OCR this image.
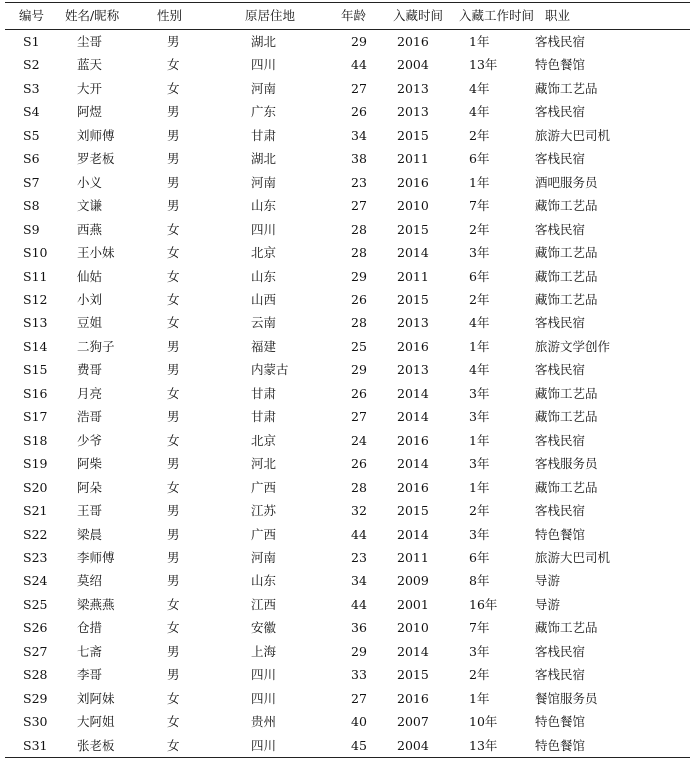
编号	姓名/昵称	性别	原居住地	年龄	入藏时间	入藏工作时间	职业
S1	尘哥	男	湖北	29	2016	1年	客栈民宿
S2	蓝天	女	四川	44	2004	13年	特色餐馆
S3	大开	女	河南	27	2013	4年	藏饰工艺品
S4	阿煜	男	广东	26	2013	4年	客栈民宿
S5	刘师傅	男	甘肃	34	2015	2年	旅游大巴司机
S6	罗老板	男	湖北	38	2011	6年	客栈民宿
S7	小义	男	河南	23	2016	1年	酒吧服务员
S8	文谦	男	山东	27	2010	7年	藏饰工艺品
S9	西燕	女	四川	28	2015	2年	客栈民宿
S10	王小妹	女	北京	28	2014	3年	藏饰工艺品
S11	仙姑	女	山东	29	2011	6年	藏饰工艺品
S12	小刘	女	山西	26	2015	2年	藏饰工艺品
S13	豆姐	女	云南	28	2013	4年	客栈民宿
S14	二狗子	男	福建	25	2016	1年	旅游文学创作
S15	费哥	男	内蒙古	29	2013	4年	客栈民宿
S16	月亮	女	甘肃	26	2014	3年	藏饰工艺品
S17	浩哥	男	甘肃	27	2014	3年	藏饰工艺品
S18	少爷	女	北京	24	2016	1年	客栈民宿
S19	阿柴	男	河北	26	2014	3年	客栈服务员
S20	阿朵	女	广西	28	2016	1年	藏饰工艺品
S21	王哥	男	江苏	32	2015	2年	客栈民宿
S22	梁晨	男	广西	44	2014	3年	特色餐馆
S23	李师傅	男	河南	23	2011	6年	旅游大巴司机
S24	莫绍	男	山东	34	2009	8年	导游
S25	梁燕燕	女	江西	44	2001	16年	导游
S26	仓措	女	安徽	36	2010	7年	藏饰工艺品
S27	七斋	男	上海	29	2014	3年	客栈民宿
S28	李哥	男	四川	33	2015	2年	客栈民宿
S29	刘阿妹	女	四川	27	2016	1年	餐馆服务员
S30	大阿姐	女	贵州	40	2007	10年	特色餐馆
S31	张老板	女	四川	45	2004	13年	特色餐馆
